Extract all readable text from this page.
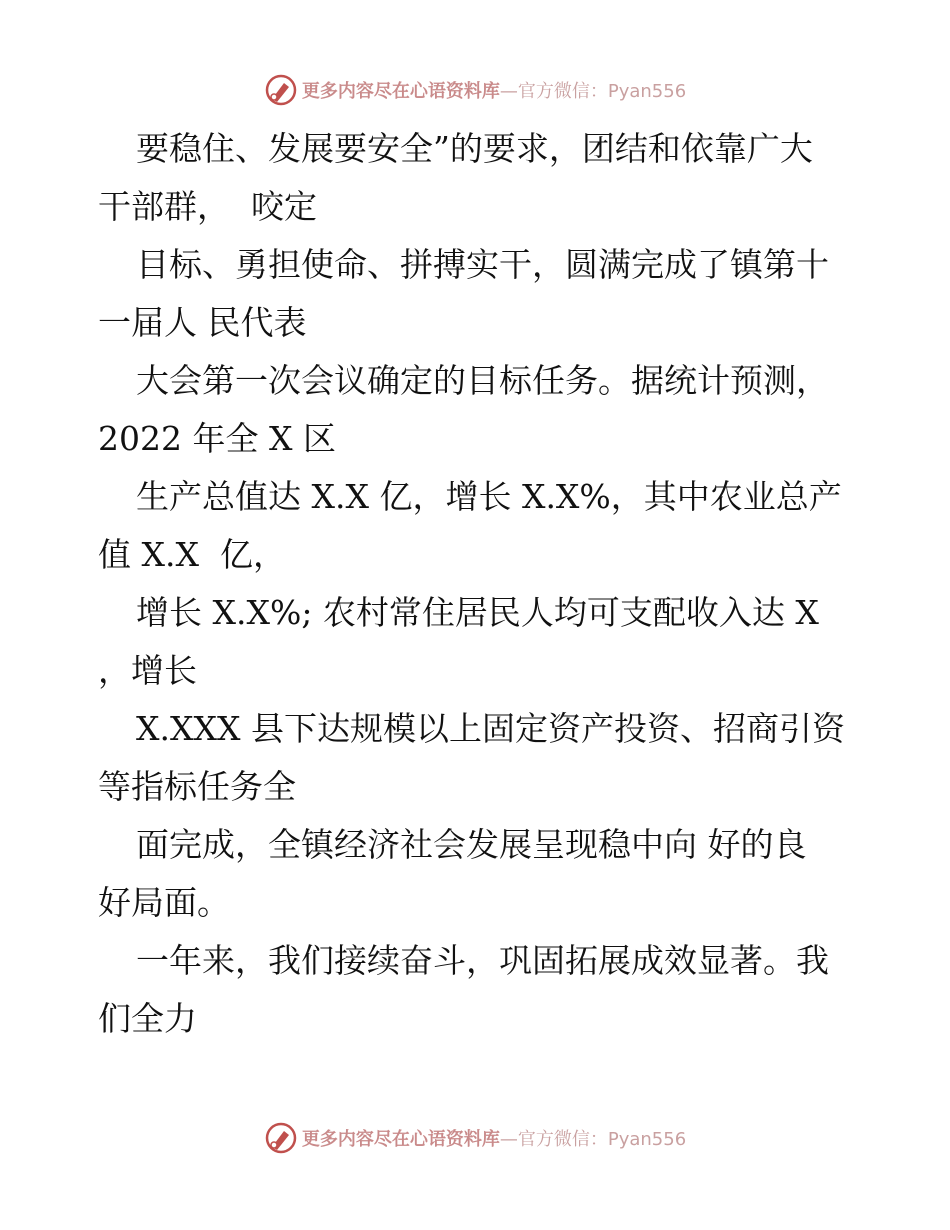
更多内容尽在心语资料库—官方微信：Pyan556
要稳住、发展要安全”的要求，团结和依靠广大
干部群，  咬定
目标、勇担使命、拼搏实干，圆满完成了镇第十
一届人 民代表
大会第一次会议确定的目标任务。据统计预测，
2022 年全 X 区
生产总值达 X.X 亿，增长 X.X%，其中农业总产
值 X.X  亿，
增长 X.X%; 农村常住居民人均可支配收入达 X
，增长
X.XXX 县下达规模以上固定资产投资、招商引资
等指标任务全
面完成，全镇经济社会发展呈现稳中向 好的良
好局面。
一年来，我们接续奋斗，巩固拓展成效显著。我
们全力
更多内容尽在心语资料库—官方微信：Pyan556
